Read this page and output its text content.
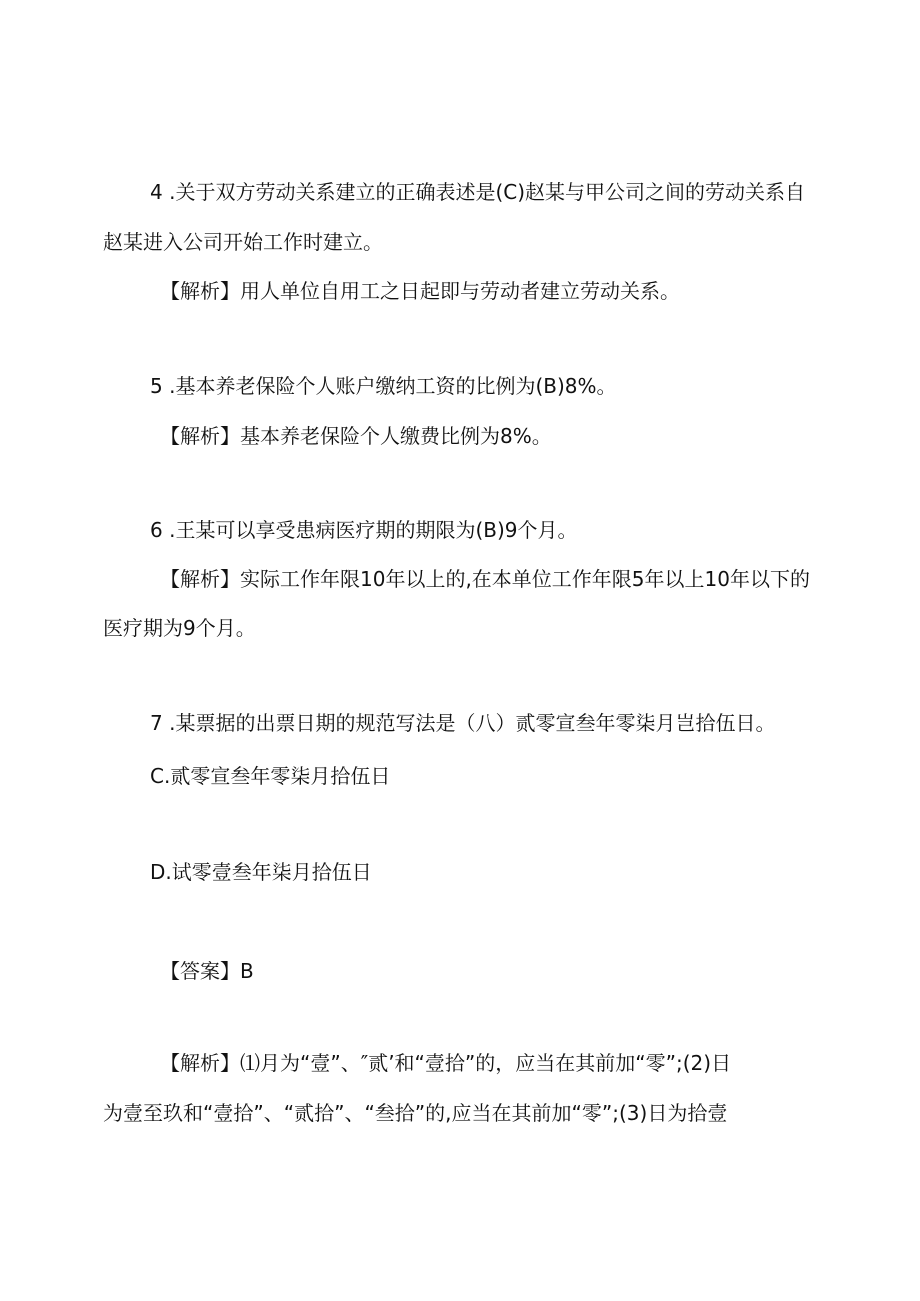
4 .关于双方劳动关系建立的正确表述是(C)赵某与甲公司之间的劳动关系自

赵某进入公司开始工作时建立。

【解析】用人单位自用工之日起即与劳动者建立劳动关系。

5 .基本养老保险个人账户缴纳工资的比例为(B)8%。

【解析】基本养老保险个人缴费比例为8%。

6 .王某可以享受患病医疗期的期限为(B)9个月。

【解析】实际工作年限10年以上的,在本单位工作年限5年以上10年以下的

医疗期为9个月。

7 .某票据的出票日期的规范写法是（八）贰零宣叁年零柒月岂拾伍日。

C.贰零宣叁年零柒月拾伍日

D.试零壹叁年柒月拾伍日

【答案】B

【解析】⑴月为“壹”、″贰’和“壹拾”的，应当在其前加“零”;(2)日

为壹至玖和“壹拾”、“贰拾”、“叁拾”的,应当在其前加“零”;(3)日为拾壹
